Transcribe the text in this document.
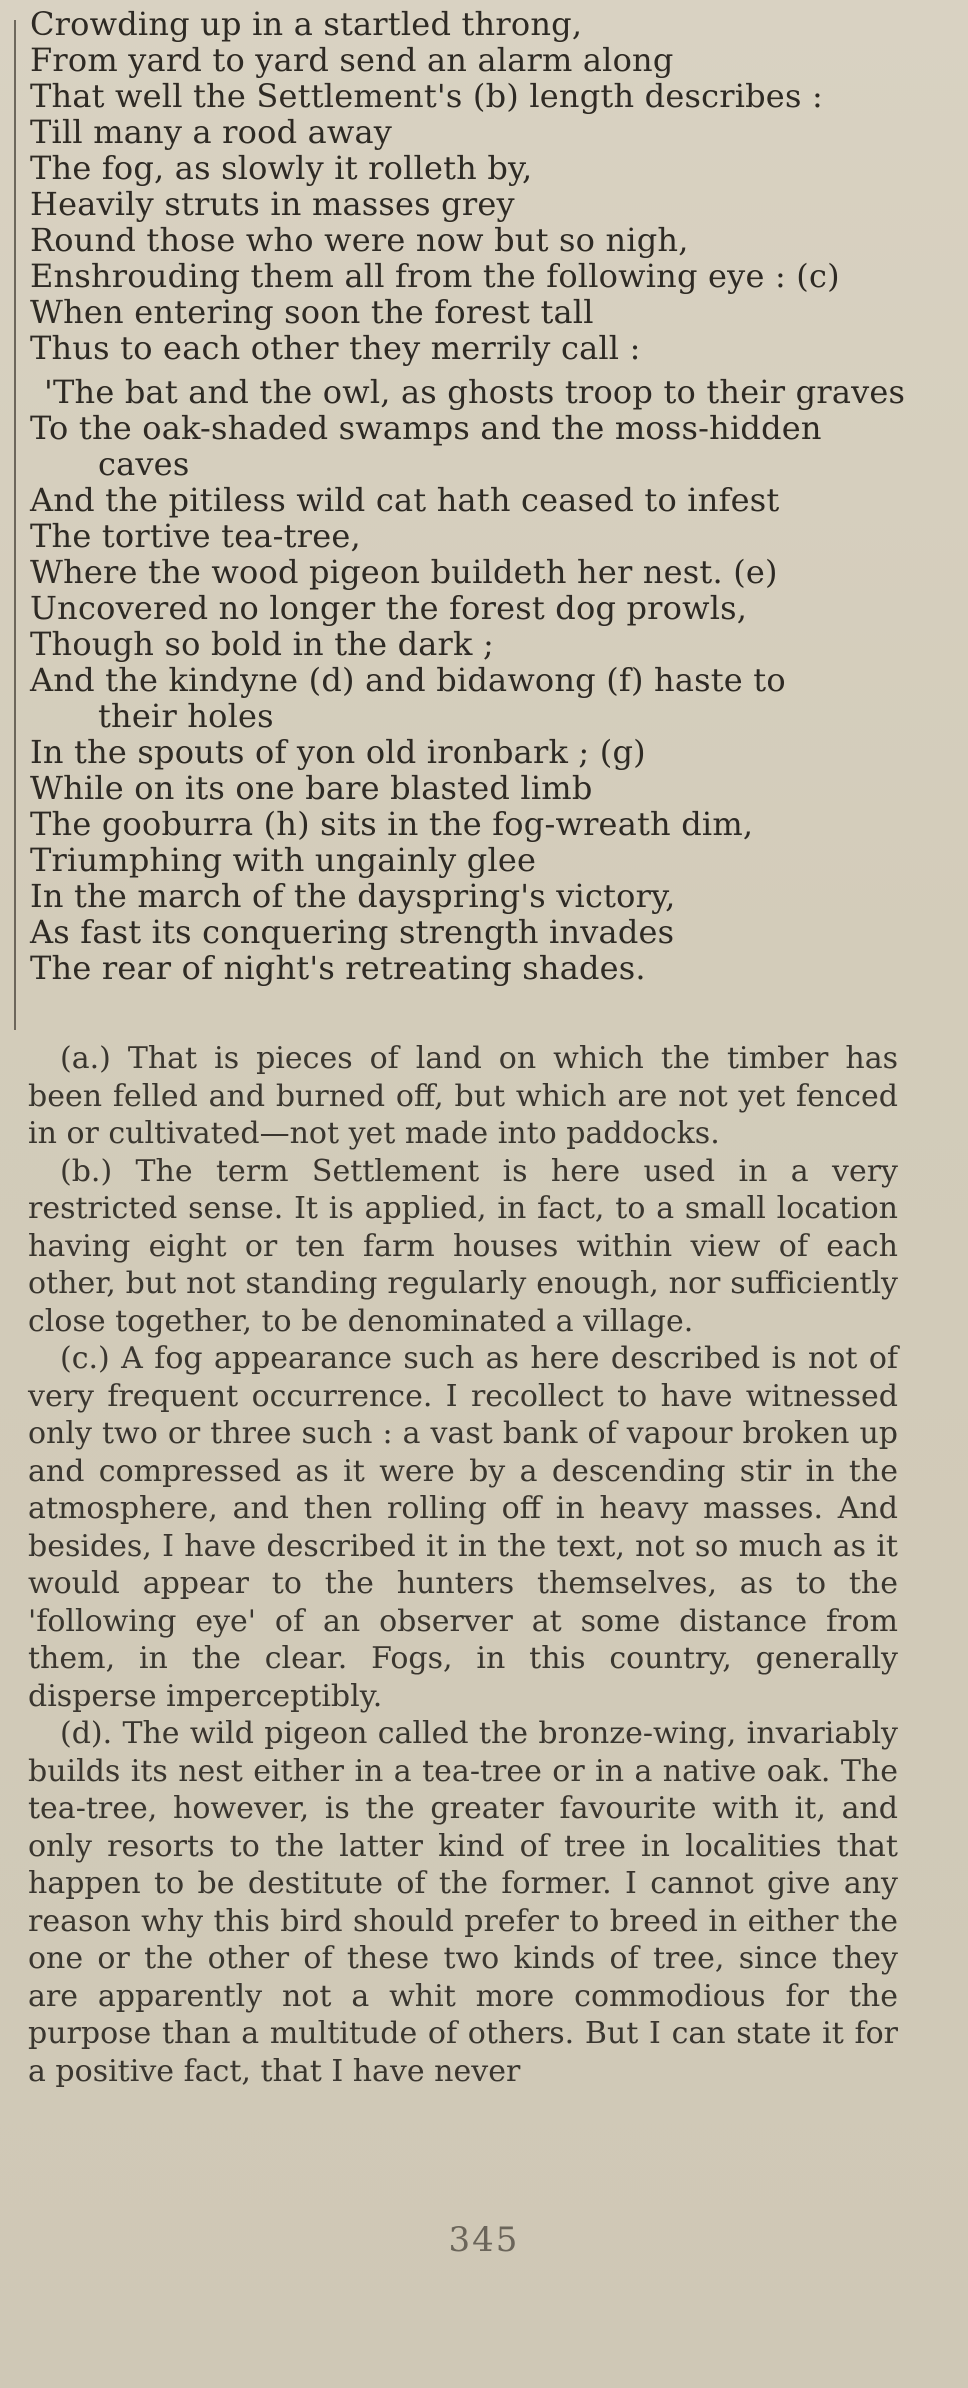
Crowding up in a startled throng,
From yard to yard send an alarm along
That well the Settlement's (b) length describes :
Till many a rood away
The fog, as slowly it rolleth by,
Heavily struts in masses grey
Round those who were now but so nigh,
Enshrouding them all from the following eye : (c)
When entering soon the forest tall
Thus to each other they merrily call :
'The bat and the owl, as ghosts troop to their graves
To the oak-shaded swamps and the moss-hidden
caves
And the pitiless wild cat hath ceased to infest
The tortive tea-tree,
Where the wood pigeon buildeth her nest. (e)
Uncovered no longer the forest dog prowls,
Though so bold in the dark ;
And the kindyne (d) and bidawong (f) haste to
their holes
In the spouts of yon old ironbark ; (g)
While on its one bare blasted limb
The gooburra (h) sits in the fog-wreath dim,
Triumphing with ungainly glee
In the march of the dayspring's victory,
As fast its conquering strength invades
The rear of night's retreating shades.

(a.) That is pieces of land on which the timber has been felled and burned off, but which are not yet fenced in or cultivated—not yet made into paddocks.

(b.) The term Settlement is here used in a very restricted sense. It is applied, in fact, to a small location having eight or ten farm houses within view of each other, but not standing regularly enough, nor sufficiently close together, to be denominated a village.

(c.) A fog appearance such as here described is not of very frequent occurrence. I recollect to have witnessed only two or three such : a vast bank of vapour broken up and compressed as it were by a descending stir in the atmosphere, and then rolling off in heavy masses. And besides, I have described it in the text, not so much as it would appear to the hunters themselves, as to the 'following eye' of an observer at some distance from them, in the clear. Fogs, in this country, generally disperse imperceptibly.

(d). The wild pigeon called the bronze-wing, invariably builds its nest either in a tea-tree or in a native oak. The tea-tree, however, is the greater favourite with it, and only resorts to the latter kind of tree in localities that happen to be destitute of the former. I cannot give any reason why this bird should prefer to breed in either the one or the other of these two kinds of tree, since they are apparently not a whit more commodious for the purpose than a multitude of others. But I can state it for a positive fact, that I have never

345
